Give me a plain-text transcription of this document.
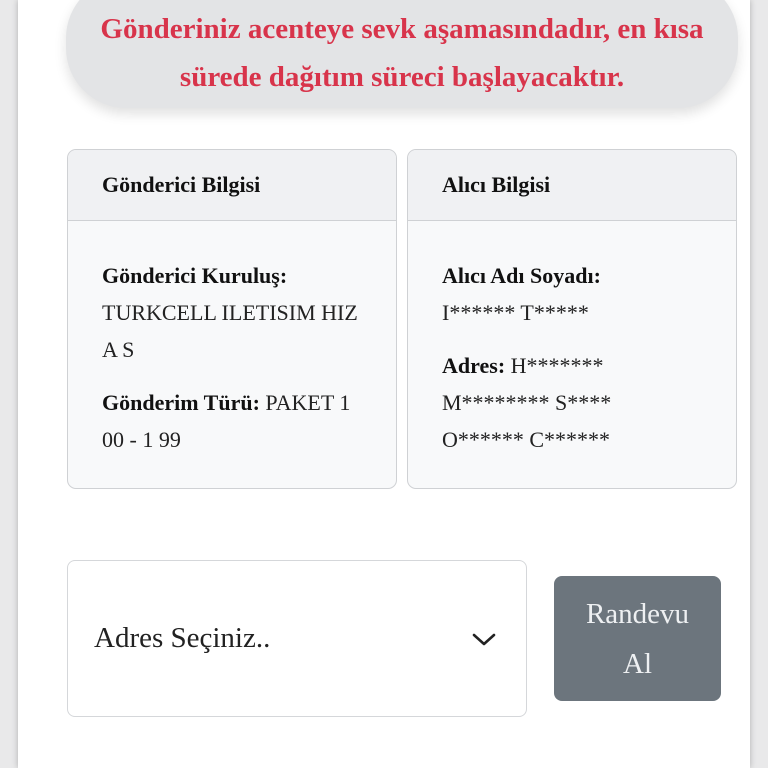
Gönderiniz acenteye sevk aşamasındadır, en kısa sürede dağıtım süreci başlayacaktır.
Gönderici Bilgisi

Gönderici Kuruluş:
TURKCELL ILETISIM HIZ A S

Gönderim Türü: PAKET 1 00 - 1 99

Alıcı Bilgisi

Alıcı Adı Soyadı:
I****** T*****

Adres: H******* M******** S**** O****** C******

Adres Seçiniz..
Randevu Al
